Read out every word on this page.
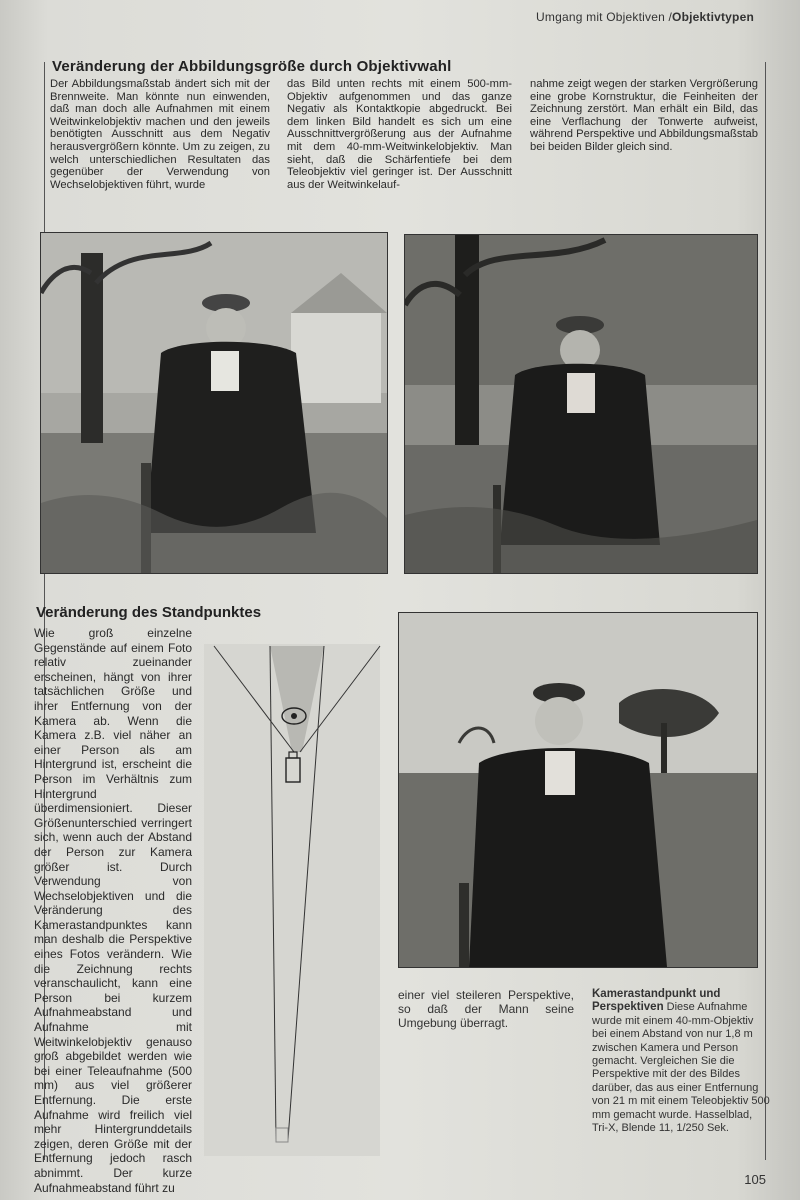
Umgang mit Objektiven /Objektivtypen
Veränderung der Abbildungsgröße durch Objektivwahl
Der Abbildungsmaßstab ändert sich mit der Brennweite. Man könnte nun einwenden, daß man doch alle Aufnahmen mit einem Weitwinkelobjektiv machen und den jeweils benötigten Ausschnitt aus dem Negativ herausvergrößern könnte. Um zu zeigen, zu welch unterschiedlichen Resultaten das gegenüber der Verwendung von Wechselobjektiven führt, wurde
das Bild unten rechts mit einem 500-mm-Objektiv aufgenommen und das ganze Negativ als Kontaktkopie abgedruckt. Bei dem linken Bild handelt es sich um eine Ausschnittvergrößerung aus der Aufnahme mit dem 40-mm-Weitwinkelobjektiv. Man sieht, daß die Schärfentiefe bei dem Teleobjektiv viel geringer ist. Der Ausschnitt aus der Weitwinkelauf-
nahme zeigt wegen der starken Vergrößerung eine grobe Kornstruktur, die Feinheiten der Zeichnung zerstört. Man erhält ein Bild, das eine Verflachung der Tonwerte aufweist, während Perspektive und Abbildungsmaßstab bei beiden Bilder gleich sind.
Veränderung des Standpunktes
Wie groß einzelne Gegenstände auf einem Foto relativ zueinander erscheinen, hängt von ihrer tatsächlichen Größe und ihrer Entfernung von der Kamera ab. Wenn die Kamera z.B. viel näher an einer Person als am Hintergrund ist, erscheint die Person im Verhältnis zum Hintergrund überdimensioniert. Dieser Größenunterschied verringert sich, wenn auch der Abstand der Person zur Kamera größer ist. Durch Verwendung von Wechselobjektiven und die Veränderung des Kamerastandpunktes kann man deshalb die Perspektive eines Fotos verändern. Wie die Zeichnung rechts veranschaulicht, kann eine Person bei kurzem Aufnahmeabstand und Aufnahme mit Weitwinkelobjektiv genauso groß abgebildet werden wie bei einer Teleaufnahme (500 mm) aus viel größerer Entfernung. Die erste Aufnahme wird freilich viel mehr Hintergrunddetails zeigen, deren Größe mit der Entfernung jedoch rasch abnimmt. Der kurze Aufnahmeabstand führt zu
einer viel steileren Perspektive, so daß der Mann seine Umgebung überragt.
Kamerastandpunkt und Perspektiven Diese Aufnahme wurde mit einem 40-mm-Objektiv bei einem Abstand von nur 1,8 m zwischen Kamera und Person gemacht. Vergleichen Sie die Perspektive mit der des Bildes darüber, das aus einer Entfernung von 21 m mit einem Teleobjektiv 500 mm gemacht wurde. Hasselblad, Tri-X, Blende 11, 1/250 Sek.
105
